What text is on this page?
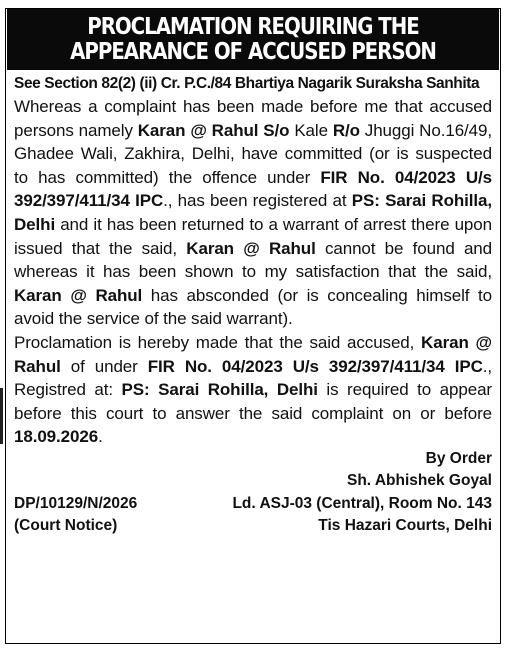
PROCLAMATION REQUIRING THE
APPEARANCE OF ACCUSED PERSON
See Section 82(2) (ii) Cr. P.C./84 Bhartiya Nagarik Suraksha Sanhita
Whereas a complaint has been made before me that accused persons namely Karan @ Rahul S/o Kale R/o Jhuggi No.16/49, Ghadee Wali, Zakhira, Delhi, have committed (or is suspected to has committed) the offence under FIR No. 04/2023 U/s 392/397/411/34 IPC., has been registered at PS: Sarai Rohilla, Delhi and it has been returned to a warrant of arrest there upon issued that the said, Karan @ Rahul cannot be found and whereas it has been shown to my satisfaction that the said, Karan @ Rahul has absconded (or is concealing himself to avoid the service of the said warrant).
Proclamation is hereby made that the said accused, Karan @ Rahul of under FIR No. 04/2023 U/s 392/397/411/34 IPC., Registred at: PS: Sarai Rohilla, Delhi is required to appear before this court to answer the said complaint on or before 18.09.2026.
By Order
Sh. Abhishek Goyal
DP/10129/N/2026
(Court Notice)
Ld. ASJ-03 (Central), Room No. 143
Tis Hazari Courts, Delhi
